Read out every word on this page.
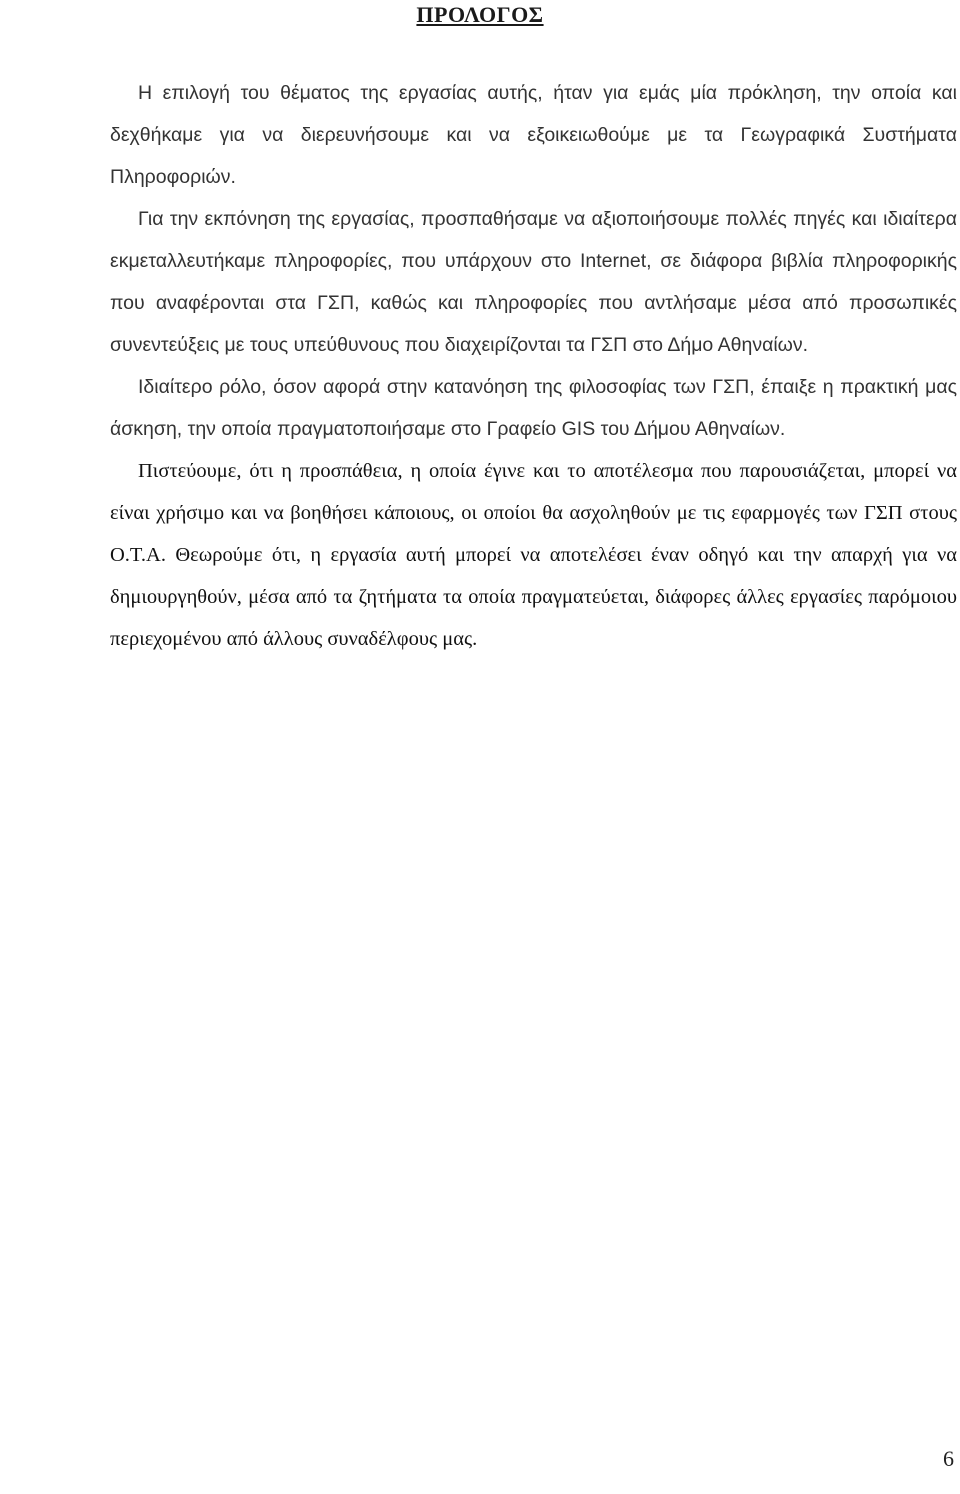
ΠΡΟΛΟΓΟΣ

Η επιλογή του θέματος της εργασίας αυτής, ήταν για εμάς μία πρόκληση, την οποία και δεχθήκαμε για να διερευνήσουμε και να εξοικειωθούμε με τα Γεωγραφικά Συστήματα Πληροφοριών.

Για την εκπόνηση της εργασίας, προσπαθήσαμε να αξιοποιήσουμε πολλές πηγές και ιδιαίτερα εκμεταλλευτήκαμε πληροφορίες, που υπάρχουν στο Internet, σε διάφορα βιβλία πληροφορικής που αναφέρονται στα ΓΣΠ, καθώς και πληροφορίες που αντλήσαμε μέσα από προσωπικές συνεντεύξεις με τους υπεύθυνους που διαχειρίζονται τα ΓΣΠ στο Δήμο Αθηναίων.

Ιδιαίτερο ρόλο, όσον αφορά στην κατανόηση της φιλοσοφίας των ΓΣΠ, έπαιξε η πρακτική μας άσκηση, την οποία πραγματοποιήσαμε στο Γραφείο GIS του Δήμου Αθηναίων.

Πιστεύουμε, ότι η προσπάθεια, η οποία έγινε και το αποτέλεσμα που παρουσιάζεται, μπορεί να είναι χρήσιμο και να βοηθήσει κάποιους, οι οποίοι θα ασχοληθούν με τις εφαρμογές των ΓΣΠ στους Ο.Τ.Α. Θεωρούμε ότι, η εργασία αυτή μπορεί να αποτελέσει έναν οδηγό και την απαρχή για να δημιουργηθούν, μέσα από τα ζητήματα τα οποία πραγματεύεται, διάφορες άλλες εργασίες παρόμοιου περιεχομένου από άλλους συναδέλφους μας.

6
